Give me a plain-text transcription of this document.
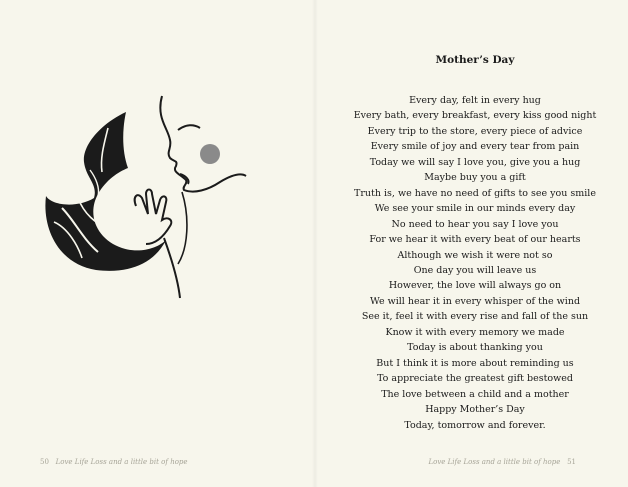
50 Love Life Loss and a little bit of hope
Mother’s Day
Every day, felt in every hug
Every bath, every breakfast, every kiss good night
Every trip to the store, every piece of advice
Every smile of joy and every tear from pain
Today we will say I love you, give you a hug
Maybe buy you a gift
Truth is, we have no need of gifts to see you smile
We see your smile in our minds every day
No need to hear you say I love you
For we hear it with every beat of our hearts
Although we wish it were not so
One day you will leave us
However, the love will always go on
We will hear it in every whisper of the wind
See it, feel it with every rise and fall of the sun
Know it with every memory we made
Today is about thanking you
But I think it is more about reminding us
To appreciate the greatest gift bestowed
The love between a child and a mother
Happy Mother’s Day
Today, tomorrow and forever.
Love Life Loss and a little bit of hope 51
